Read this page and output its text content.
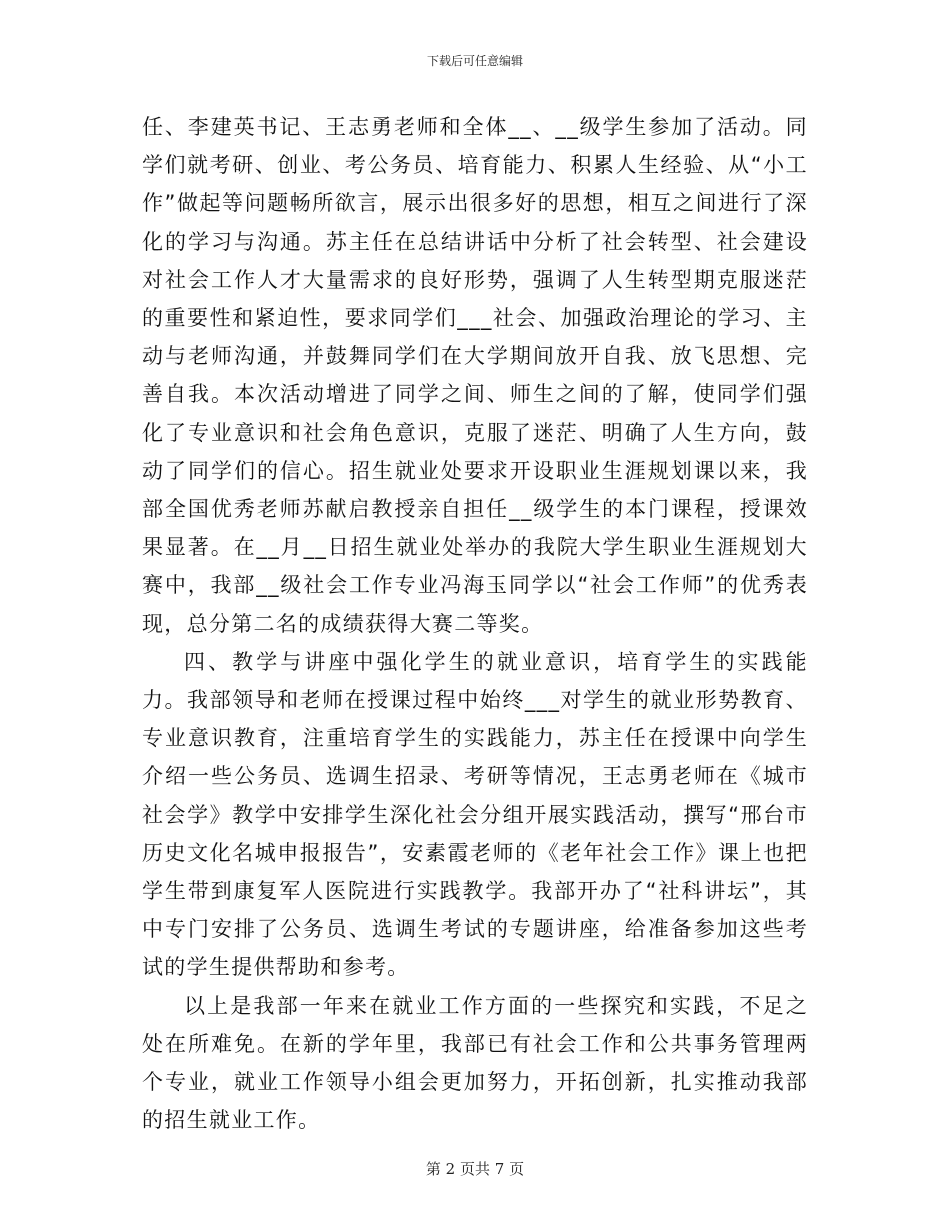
下载后可任意编辑

任、李建英书记、王志勇老师和全体__、__级学生参加了活动。同学们就考研、创业、考公务员、培育能力、积累人生经验、从“小工作”做起等问题畅所欲言，展示出很多好的思想，相互之间进行了深化的学习与沟通。苏主任在总结讲话中分析了社会转型、社会建设对社会工作人才大量需求的良好形势，强调了人生转型期克服迷茫的重要性和紧迫性，要求同学们___社会、加强政治理论的学习、主动与老师沟通，并鼓舞同学们在大学期间放开自我、放飞思想、完善自我。本次活动增进了同学之间、师生之间的了解，使同学们强化了专业意识和社会角色意识，克服了迷茫、明确了人生方向，鼓动了同学们的信心。招生就业处要求开设职业生涯规划课以来，我部全国优秀老师苏献启教授亲自担任__级学生的本门课程，授课效果显著。在__月__日招生就业处举办的我院大学生职业生涯规划大赛中，我部__级社会工作专业冯海玉同学以“社会工作师”的优秀表现，总分第二名的成绩获得大赛二等奖。

四、教学与讲座中强化学生的就业意识，培育学生的实践能力。我部领导和老师在授课过程中始终___对学生的就业形势教育、专业意识教育，注重培育学生的实践能力，苏主任在授课中向学生介绍一些公务员、选调生招录、考研等情况，王志勇老师在《城市社会学》教学中安排学生深化社会分组开展实践活动，撰写“邢台市历史文化名城申报报告”，安素霞老师的《老年社会工作》课上也把学生带到康复军人医院进行实践教学。我部开办了“社科讲坛”，其中专门安排了公务员、选调生考试的专题讲座，给准备参加这些考试的学生提供帮助和参考。

以上是我部一年来在就业工作方面的一些探究和实践，不足之处在所难免。在新的学年里，我部已有社会工作和公共事务管理两个专业，就业工作领导小组会更加努力，开拓创新，扎实推动我部的招生就业工作。

第 2 页共 7 页
